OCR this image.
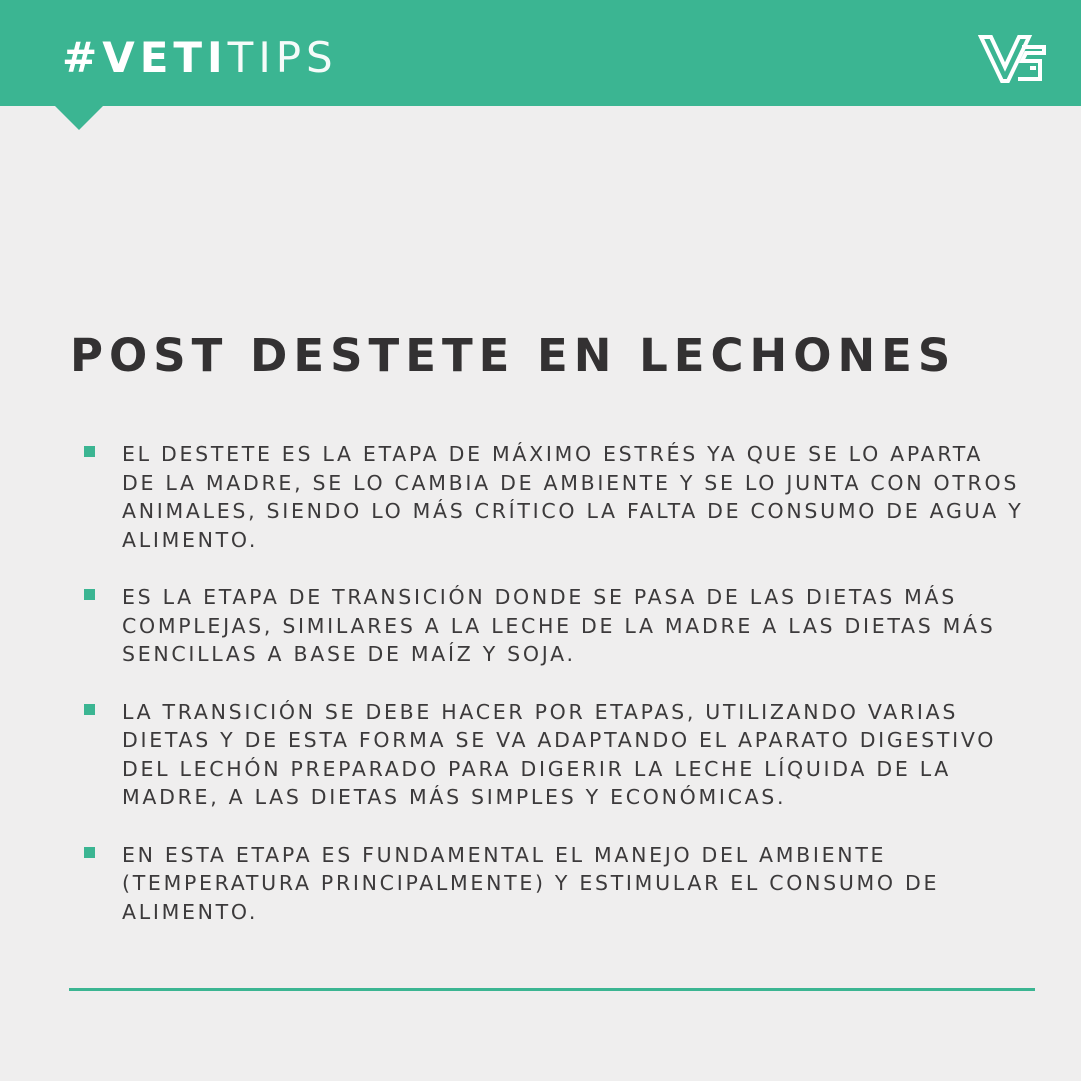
#VETITIPS
POST DESTETE EN LECHONES
EL DESTETE ES LA ETAPA DE MÁXIMO ESTRÉS YA QUE SE LO APARTA
DE LA MADRE, SE LO CAMBIA DE AMBIENTE Y SE LO JUNTA CON OTROS
ANIMALES, SIENDO LO MÁS CRÍTICO LA FALTA DE CONSUMO DE AGUA Y
ALIMENTO.
ES LA ETAPA DE TRANSICIÓN DONDE SE PASA DE LAS DIETAS MÁS
COMPLEJAS, SIMILARES A LA LECHE DE LA MADRE A LAS DIETAS MÁS
SENCILLAS A BASE DE MAÍZ Y SOJA.
LA TRANSICIÓN SE DEBE HACER POR ETAPAS, UTILIZANDO VARIAS
DIETAS Y DE ESTA FORMA SE VA ADAPTANDO EL APARATO DIGESTIVO
DEL LECHÓN PREPARADO PARA DIGERIR LA LECHE LÍQUIDA DE LA
MADRE, A LAS DIETAS MÁS SIMPLES Y ECONÓMICAS.
EN ESTA ETAPA ES FUNDAMENTAL EL MANEJO DEL AMBIENTE
(TEMPERATURA PRINCIPALMENTE) Y ESTIMULAR EL CONSUMO DE
ALIMENTO.
